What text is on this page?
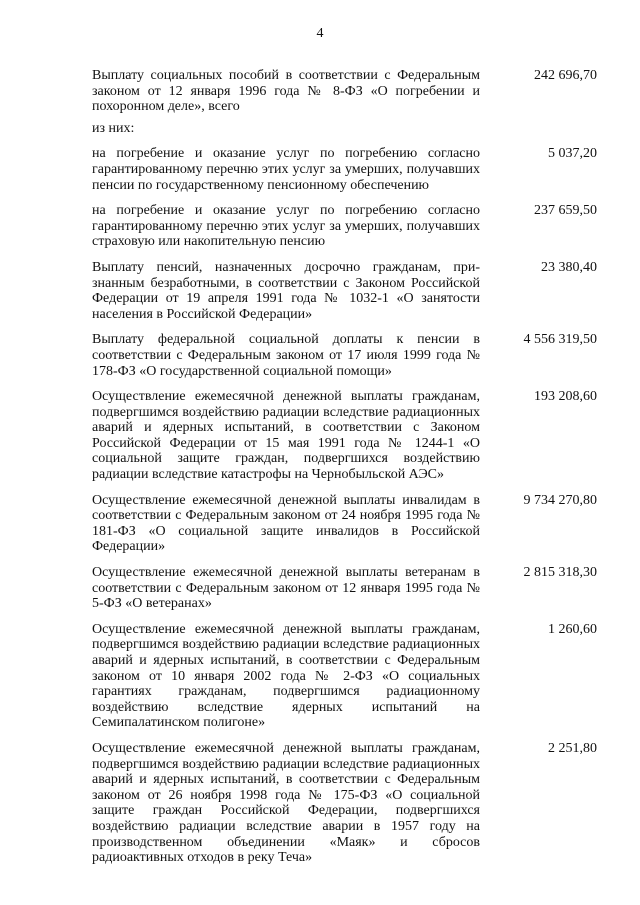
4
Выплату социальных пособий в соответствии с Федеральным законом от 12 января 1996 года № 8-ФЗ «О погребении и похоронном деле», всего
242 696,70
из них:
на погребение и оказание услуг по погребению согласно гарантированному перечню этих услуг за умерших, получавших пенсии по государственному пенсионному обеспечению
5 037,20
на погребение и оказание услуг по погребению согласно гарантированному перечню этих услуг за умерших, получавших страховую или накопительную пенсию
237 659,50
Выплату пенсий, назначенных досрочно гражданам, признанным безработными, в соответствии с Законом Российской Федерации от 19 апреля 1991 года № 1032-1 «О занятости населения в Российской Федерации»
23 380,40
Выплату федеральной социальной доплаты к пенсии в соответствии с Федеральным законом от 17 июля 1999 года № 178-ФЗ «О государственной социальной помощи»
4 556 319,50
Осуществление ежемесячной денежной выплаты гражданам, подвергшимся воздействию радиации вследствие радиационных аварий и ядерных испытаний, в соответствии с Законом Российской Федерации от 15 мая 1991 года № 1244-1 «О социальной защите граждан, подвергшихся воздействию радиации вследствие катастрофы на Чернобыльской АЭС»
193 208,60
Осуществление ежемесячной денежной выплаты инвалидам в соответствии с Федеральным законом от 24 ноября 1995 года № 181-ФЗ «О социальной защите инвалидов в Российской Федерации»
9 734 270,80
Осуществление ежемесячной денежной выплаты ветеранам в соответствии с Федеральным законом от 12 января 1995 года № 5-ФЗ «О ветеранах»
2 815 318,30
Осуществление ежемесячной денежной выплаты гражданам, подвергшимся воздействию радиации вследствие радиационных аварий и ядерных испытаний, в соответствии с Федеральным законом от 10 января 2002 года № 2-ФЗ «О социальных гарантиях гражданам, подвергшимся радиационному воздействию вследствие ядерных испытаний на Семипалатинском полигоне»
1 260,60
Осуществление ежемесячной денежной выплаты гражданам, подвергшимся воздействию радиации вследствие радиационных аварий и ядерных испытаний, в соответствии с Федеральным законом от 26 ноября 1998 года № 175-ФЗ «О социальной защите граждан Российской Федерации, подвергшихся воздействию радиации вследствие аварии в 1957 году на производственном объединении «Маяк» и сбросов радиоактивных отходов в реку Теча»
2 251,80
